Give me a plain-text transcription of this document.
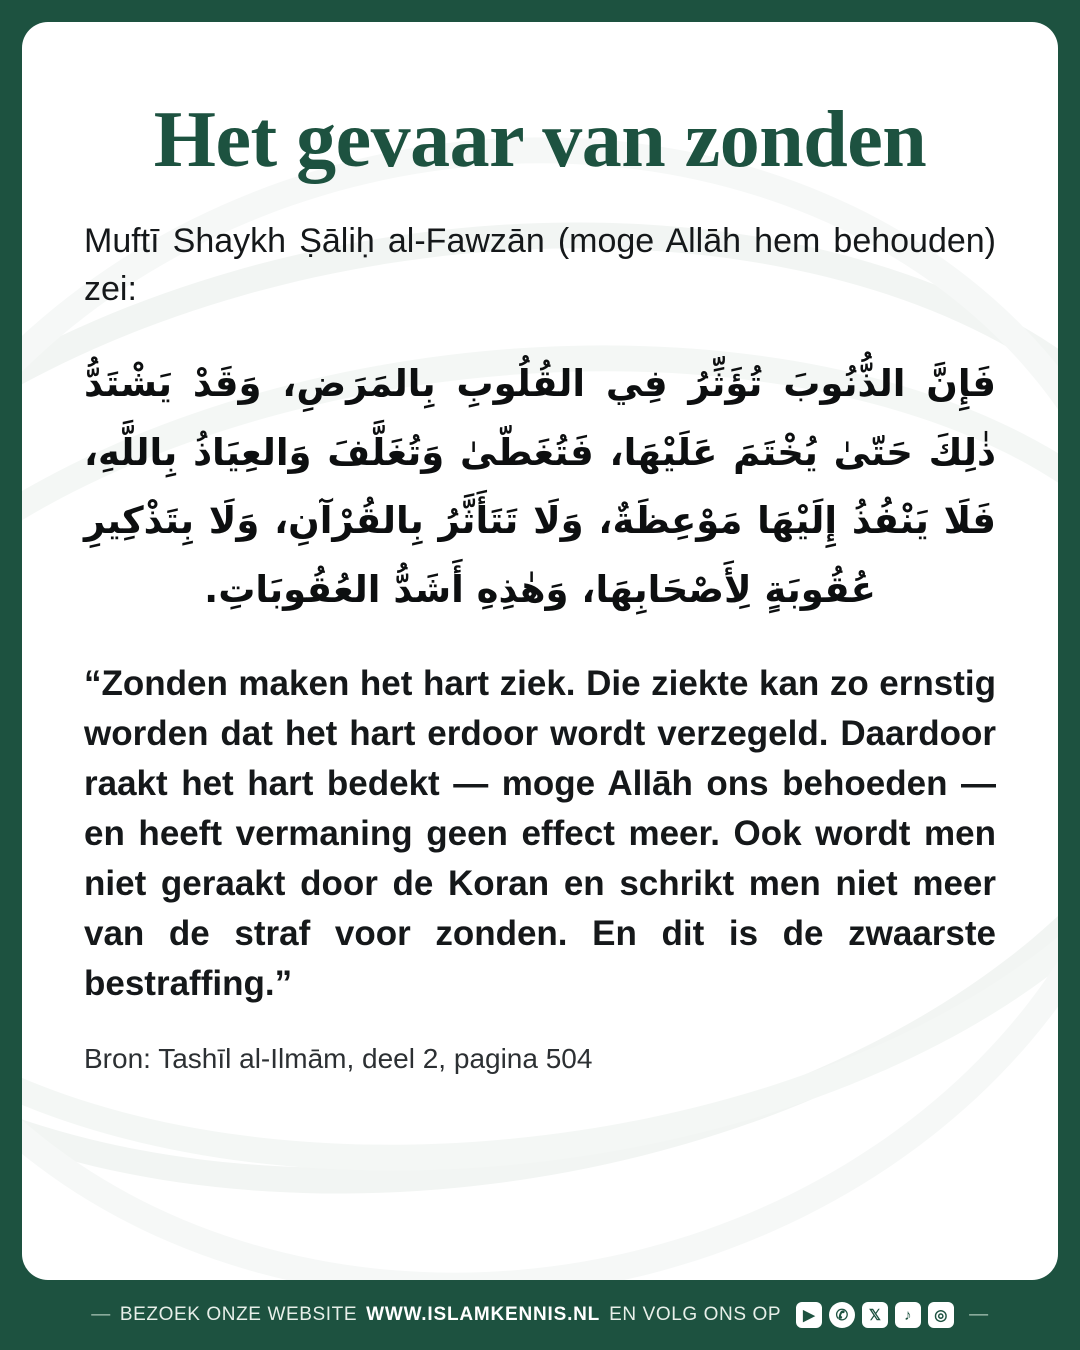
Het gevaar van zonden

Muftī Shaykh Ṣāliḥ al-Fawzān (moge Allāh hem behouden) zei:

فَإِنَّ الذُّنُوبَ تُؤَثِّرُ فِي القُلُوبِ بِالمَرَضِ، وَقَدْ يَشْتَدُّ ذٰلِكَ حَتّىٰ يُخْتَمَ عَلَيْهَا، فَتُغَطّىٰ وَتُغَلَّفَ وَالعِيَاذُ بِاللَّهِ، فَلَا يَنْفُذُ إِلَيْهَا مَوْعِظَةٌ، وَلَا تَتَأَثَّرُ بِالقُرْآنِ، وَلَا بِتَذْكِيرِ عُقُوبَةٍ لِأَصْحَابِهَا، وَهٰذِهِ أَشَدُّ العُقُوبَاتِ.

“Zonden maken het hart ziek. Die ziekte kan zo ernstig worden dat het hart erdoor wordt verzegeld. Daardoor raakt het hart bedekt — moge Allāh ons behoeden — en heeft vermaning geen effect meer. Ook wordt men niet geraakt door de Koran en schrikt men niet meer van de straf voor zonden. En dit is de zwaarste bestraffing.”

Bron: Tashīl al-Ilmām, deel 2, pagina 504

— BEZOEK ONZE WEBSITE WWW.ISLAMKENNIS.NL EN VOLG ONS OP	▶	✆	𝕏	♪	◎	—
